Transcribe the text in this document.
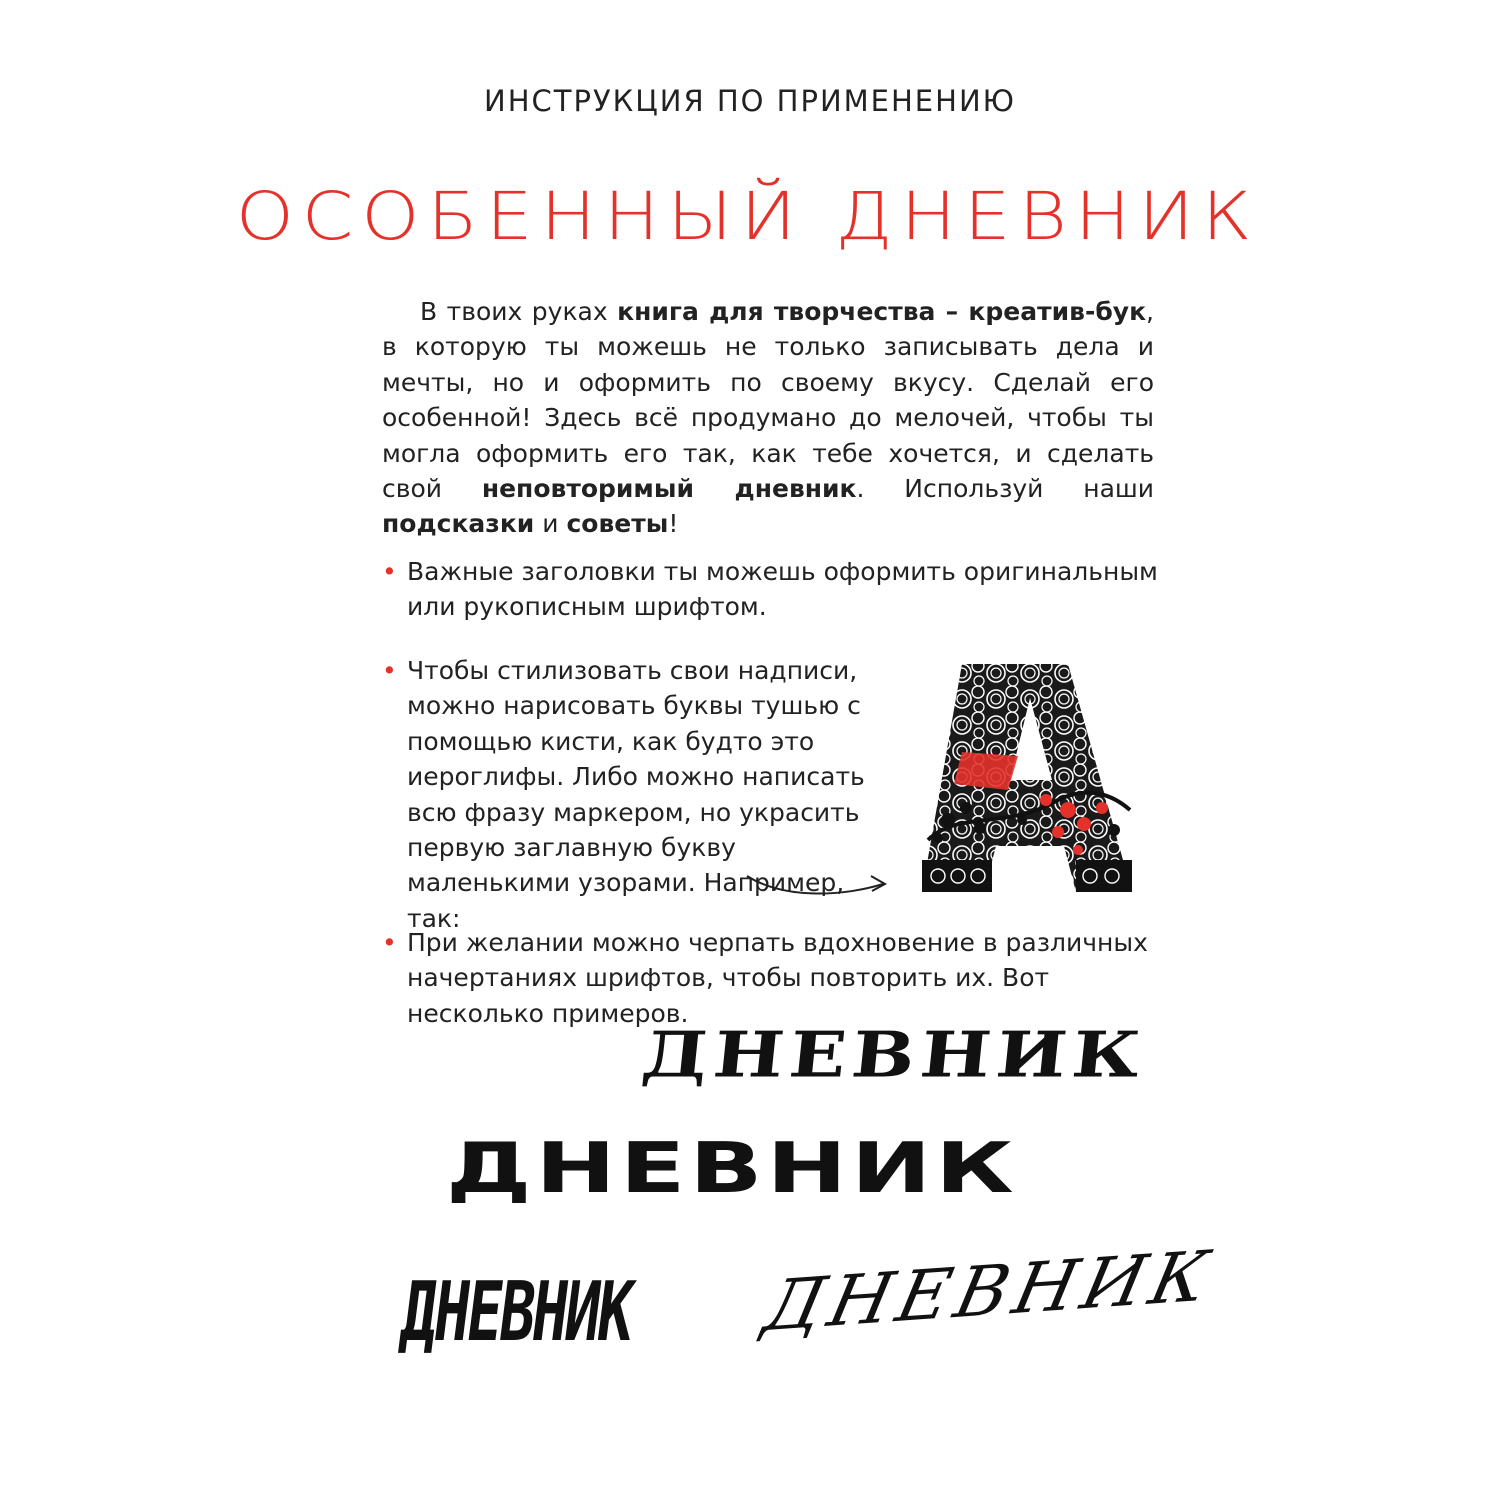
ИНСТРУКЦИЯ ПО ПРИМЕНЕНИЮ
ОСОБЕННЫЙ ДНЕВНИК

В твоих руках книга для творчества – креатив-бук, в которую ты можешь не только записывать дела и мечты, но и оформить по своему вкусу. Сделай его особенной! Здесь всё продумано до мелочей, чтобы ты могла оформить его так, как тебе хочется, и сделать свой неповторимый дневник. Используй наши подсказки и советы!

• Важные заголовки ты можешь оформить оригинальным или рукописным шрифтом.
• Чтобы стилизовать свои надписи, можно нарисовать буквы тушью с помощью кисти, как будто это иероглифы. Либо можно написать всю фразу маркером, но украсить первую заглавную букву маленькими узорами. Например, так:
• При желании можно черпать вдохновение в различных начертаниях шрифтов, чтобы повторить их. Вот несколько примеров.
ДНЕВНИК
ДНЕВНИК
ДНЕВНИК ДНЕВНИК
